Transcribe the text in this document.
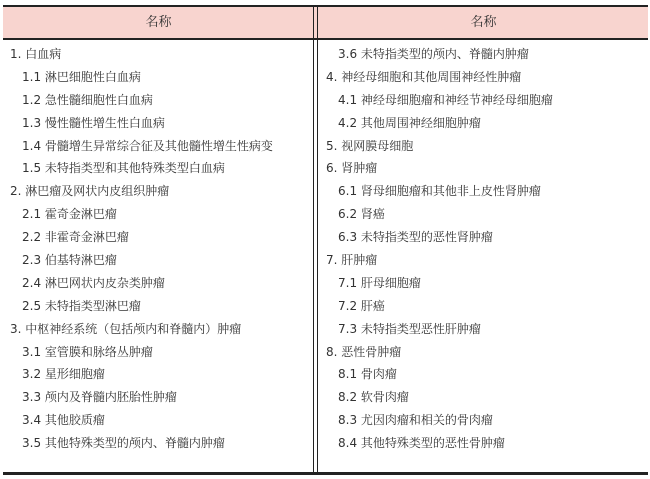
名称	名称
1. 白血病
1.1 淋巴细胞性白血病
1.2 急性髓细胞性白血病
1.3 慢性髓性增生性白血病
1.4 骨髓增生异常综合征及其他髓性增生性病变
1.5 未特指类型和其他特殊类型白血病
2. 淋巴瘤及网状内皮组织肿瘤
2.1 霍奇金淋巴瘤
2.2 非霍奇金淋巴瘤
2.3 伯基特淋巴瘤
2.4 淋巴网状内皮杂类肿瘤
2.5 未特指类型淋巴瘤
3. 中枢神经系统（包括颅内和脊髓内）肿瘤
3.1 室管膜和脉络丛肿瘤
3.2 星形细胞瘤
3.3 颅内及脊髓内胚胎性肿瘤
3.4 其他胶质瘤
3.5 其他特殊类型的颅内、脊髓内肿瘤
3.6 未特指类型的颅内、脊髓内肿瘤
4. 神经母细胞和其他周围神经性肿瘤
4.1 神经母细胞瘤和神经节神经母细胞瘤
4.2 其他周围神经细胞肿瘤
5. 视网膜母细胞
6. 肾肿瘤
6.1 肾母细胞瘤和其他非上皮性肾肿瘤
6.2 肾癌
6.3 未特指类型的恶性肾肿瘤
7. 肝肿瘤
7.1 肝母细胞瘤
7.2 肝癌
7.3 未特指类型恶性肝肿瘤
8. 恶性骨肿瘤
8.1 骨肉瘤
8.2 软骨肉瘤
8.3 尤因肉瘤和相关的骨肉瘤
8.4 其他特殊类型的恶性骨肿瘤
